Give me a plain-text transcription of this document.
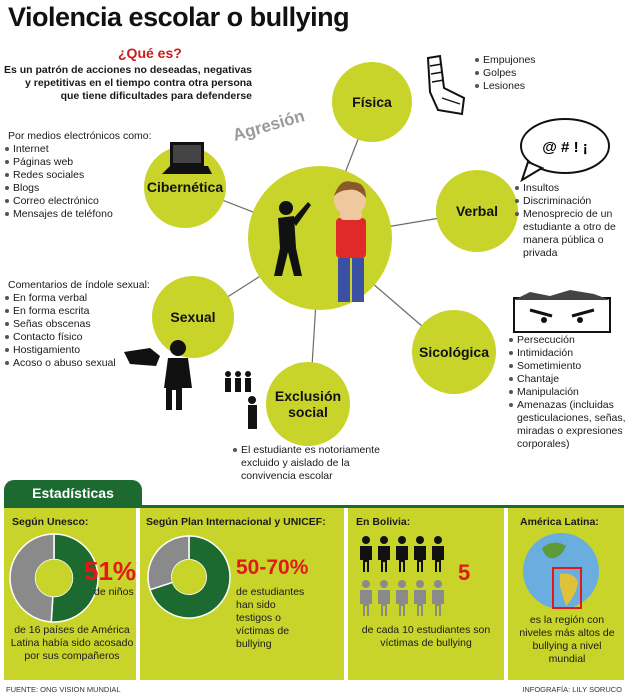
Violencia escolar o bullying
¿Qué es?
Es un patrón de acciones no deseadas, negativas y repetitivas en el tiempo contra otra persona que tiene dificultades para defenderse
Agresión
Física
Cibernética
Verbal
Sexual
Sicológica
Exclusión social
@ # ! ¡
Empujones
Golpes
Lesiones
Por medios electrónicos como:
Internet
Páginas web
Redes sociales
Blogs
Correo electrónico
Mensajes de teléfono
Insultos
Discriminación
Menosprecio de un estudiante a otro de manera pública o privada
Comentarios de índole sexual:
En forma verbal
En forma escrita
Señas obscenas
Contacto físico
Hostigamiento
Acoso o abuso sexual
Persecución
Intimidación
Sometimiento
Chantaje
Manipulación
Amenazas (incluidas gesticulaciones, señas, miradas o expresiones corporales)
El estudiante es notoriamente excluido y aislado de la convivencia escolar
Estadísticas
Según Unesco:
51%
de niños
de 16 países de América Latina había sido acosado por sus compañeros
Según Plan Internacional y UNICEF:
50-70%
de estudiantes han sido testigos o víctimas de bullying
En Bolivia:
5
de cada 10 estudiantes son víctimas de bullying
América Latina:
es la región con niveles más altos de bullying a nivel mundial
FUENTE: ONG VISION MUNDIAL	INFOGRAFÍA: LILY SORUCO
